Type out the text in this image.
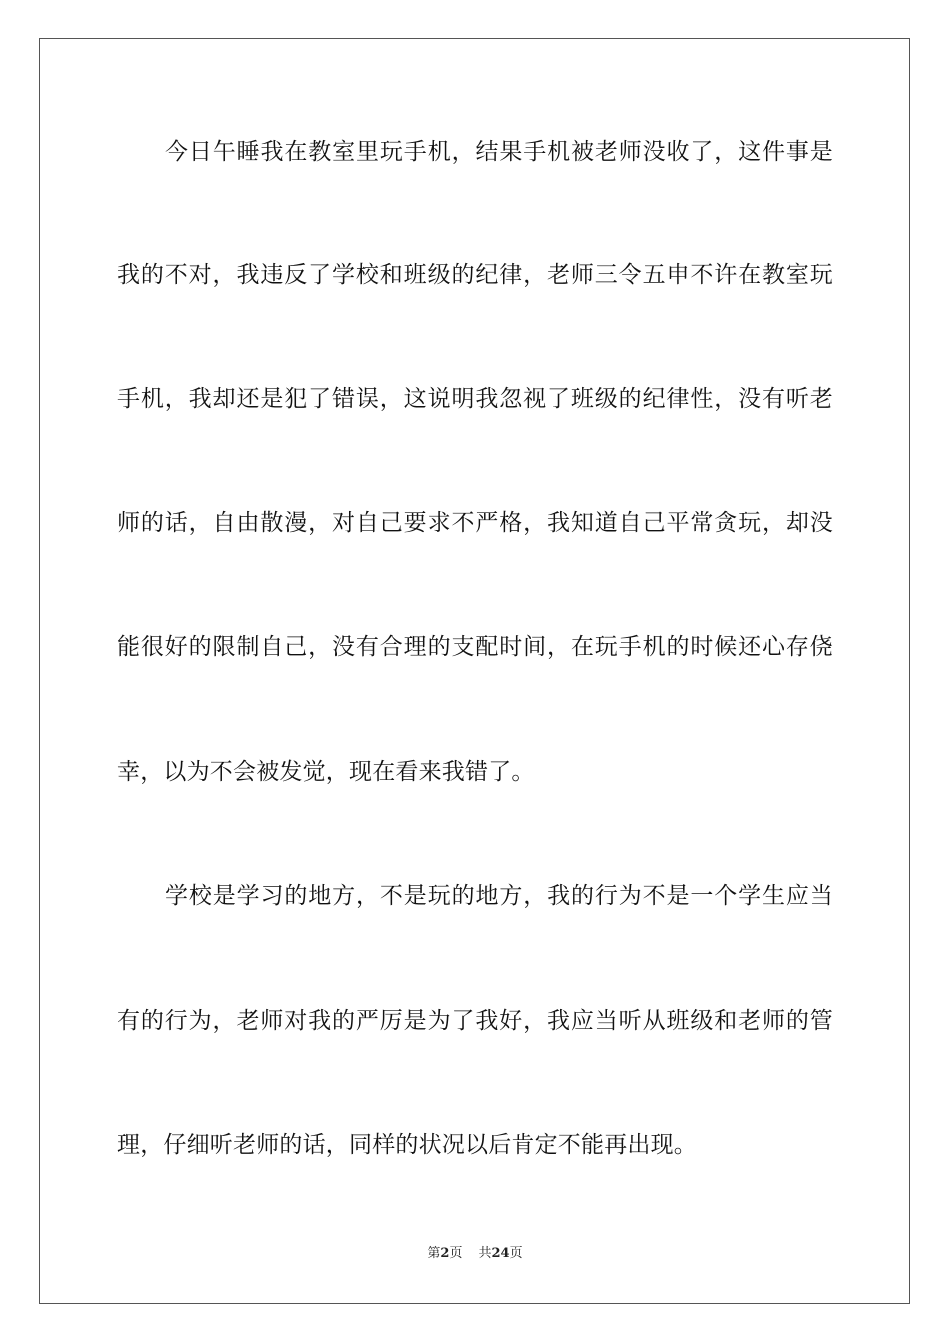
今日午睡我在教室里玩手机，结果手机被老师没收了，这件事是
我的不对，我违反了学校和班级的纪律，老师三令五申不许在教室玩
手机，我却还是犯了错误，这说明我忽视了班级的纪律性，没有听老
师的话，自由散漫，对自己要求不严格，我知道自己平常贪玩，却没
能很好的限制自己，没有合理的支配时间，在玩手机的时候还心存侥
幸，以为不会被发觉，现在看来我错了。
学校是学习的地方，不是玩的地方，我的行为不是一个学生应当
有的行为，老师对我的严厉是为了我好，我应当听从班级和老师的管
理，仔细听老师的话，同样的状况以后肯定不能再出现。
第2页 共24页
